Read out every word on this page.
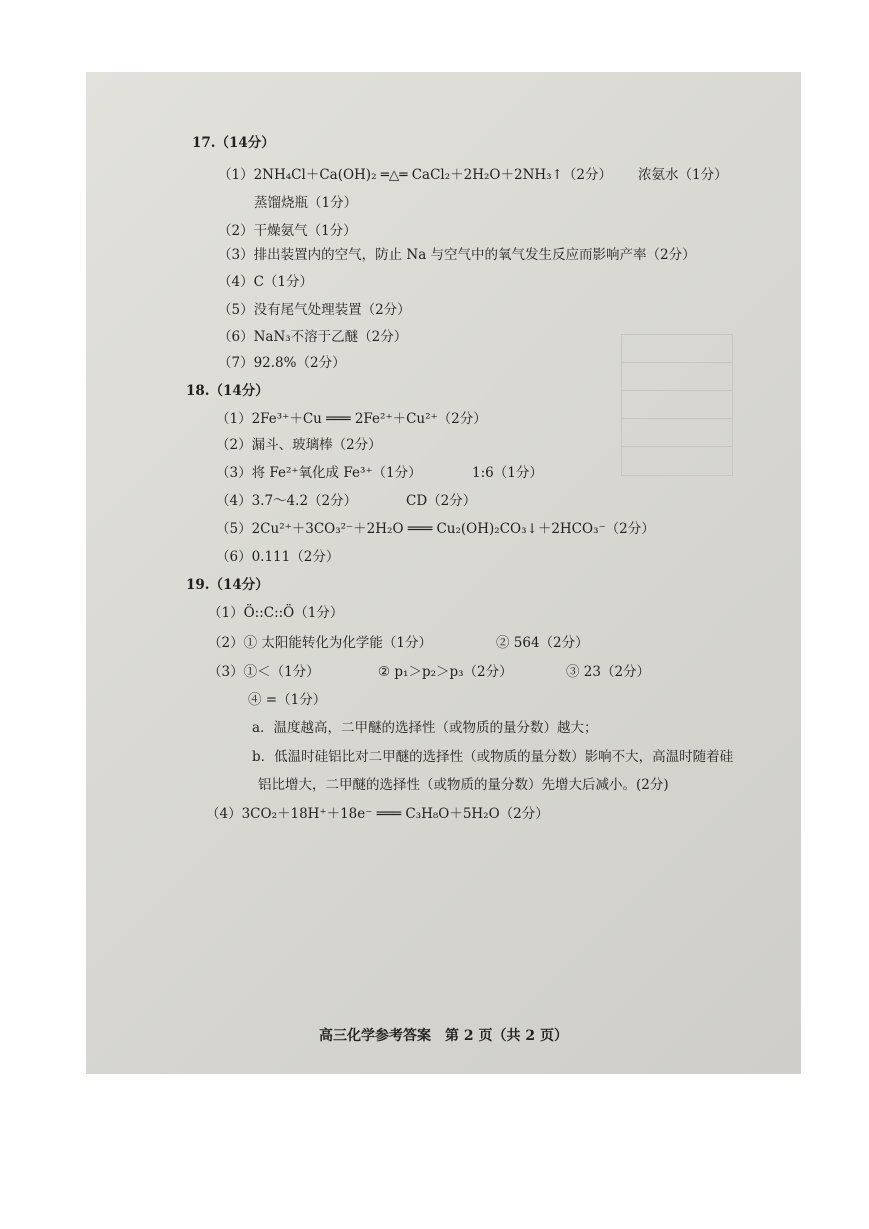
17.（14分）
（1）2NH₄Cl＋Ca(OH)₂ ═△═ CaCl₂＋2H₂O＋2NH₃↑（2分） 浓氨水（1分）
蒸馏烧瓶（1分）
（2）干燥氨气（1分）
（3）排出装置内的空气，防止 Na 与空气中的氧气发生反应而影响产率（2分）
（4）C（1分）
（5）没有尾气处理装置（2分）
（6）NaN₃不溶于乙醚（2分）
（7）92.8%（2分）
18.（14分）
（1）2Fe³⁺＋Cu ═══ 2Fe²⁺＋Cu²⁺（2分）
（2）漏斗、玻璃棒（2分）
（3）将 Fe²⁺氧化成 Fe³⁺（1分）	1:6（1分）
（4）3.7～4.2（2分）	CD（2分）
（5）2Cu²⁺＋3CO₃²⁻＋2H₂O ═══ Cu₂(OH)₂CO₃↓＋2HCO₃⁻（2分）
（6）0.111（2分）
19.（14分）
（1）Ö::C::Ö（1分）
（2）① 太阳能转化为化学能（1分）	② 564（2分）
（3）①＜（1分）	② p₁＞p₂＞p₃（2分）	③ 23（2分）
④ =（1分）
a．温度越高，二甲醚的选择性（或物质的量分数）越大；
b．低温时硅铝比对二甲醚的选择性（或物质的量分数）影响不大，高温时随着硅
铝比增大，二甲醚的选择性（或物质的量分数）先增大后减小。(2分)
（4）3CO₂＋18H⁺＋18e⁻ ═══ C₃H₈O＋5H₂O（2分）
高三化学参考答案　第 2 页（共 2 页）
